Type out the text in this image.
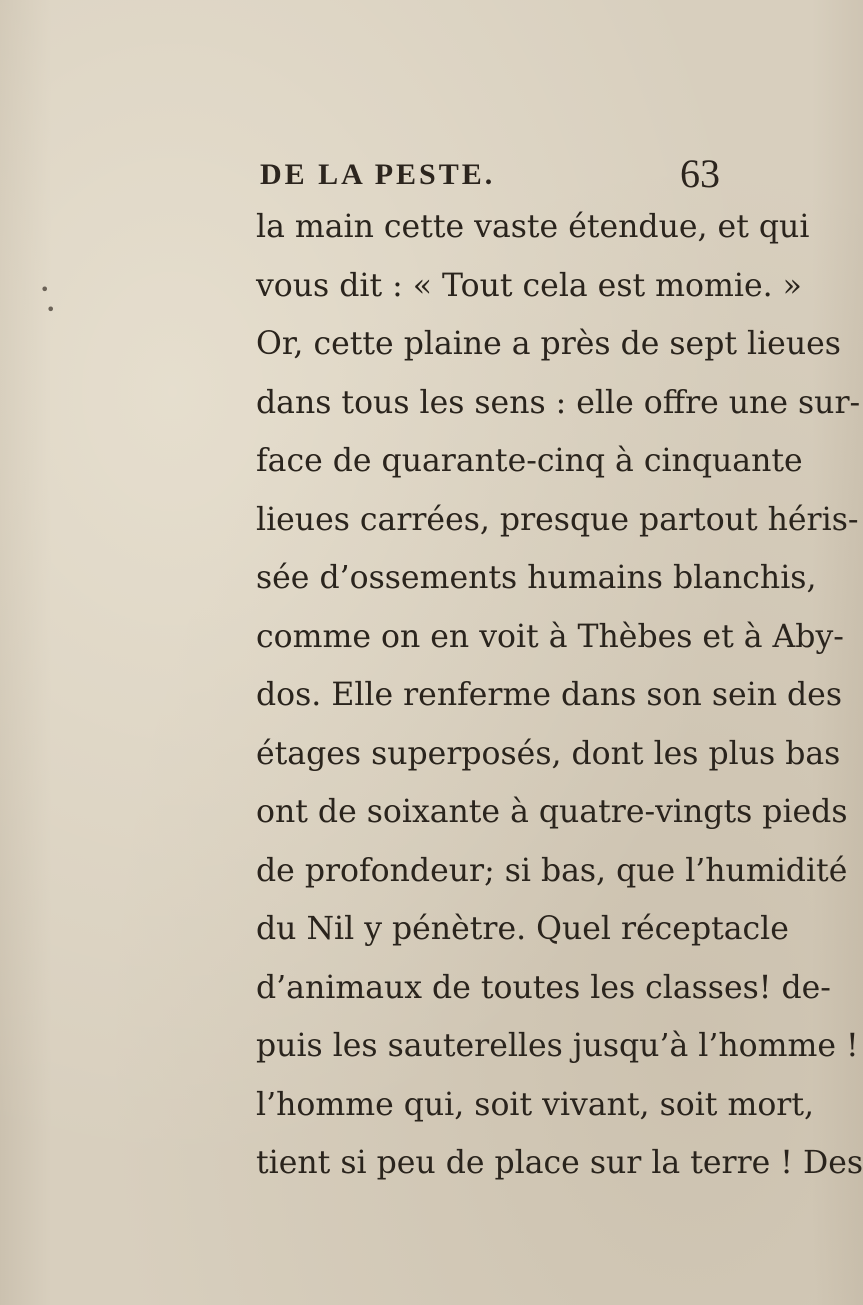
DE LA PESTE.	63
•
•
la main cette vaste étendue, et qui
vous dit : « Tout cela est momie. »
Or, cette plaine a près de sept lieues
dans tous les sens : elle offre une sur-
face de quarante-cinq à cinquante
lieues carrées, presque partout héris-
sée d’ossements humains blanchis,
comme on en voit à Thèbes et à Aby-
dos. Elle renferme dans son sein des
étages superposés, dont les plus bas
ont de soixante à quatre-vingts pieds
de profondeur; si bas, que l’humidité
du Nil y pénètre. Quel réceptacle
d’animaux de toutes les classes! de-
puis les sauterelles jusqu’à l’homme !
l’homme qui, soit vivant, soit mort,
tient si peu de place sur la terre ! Des
